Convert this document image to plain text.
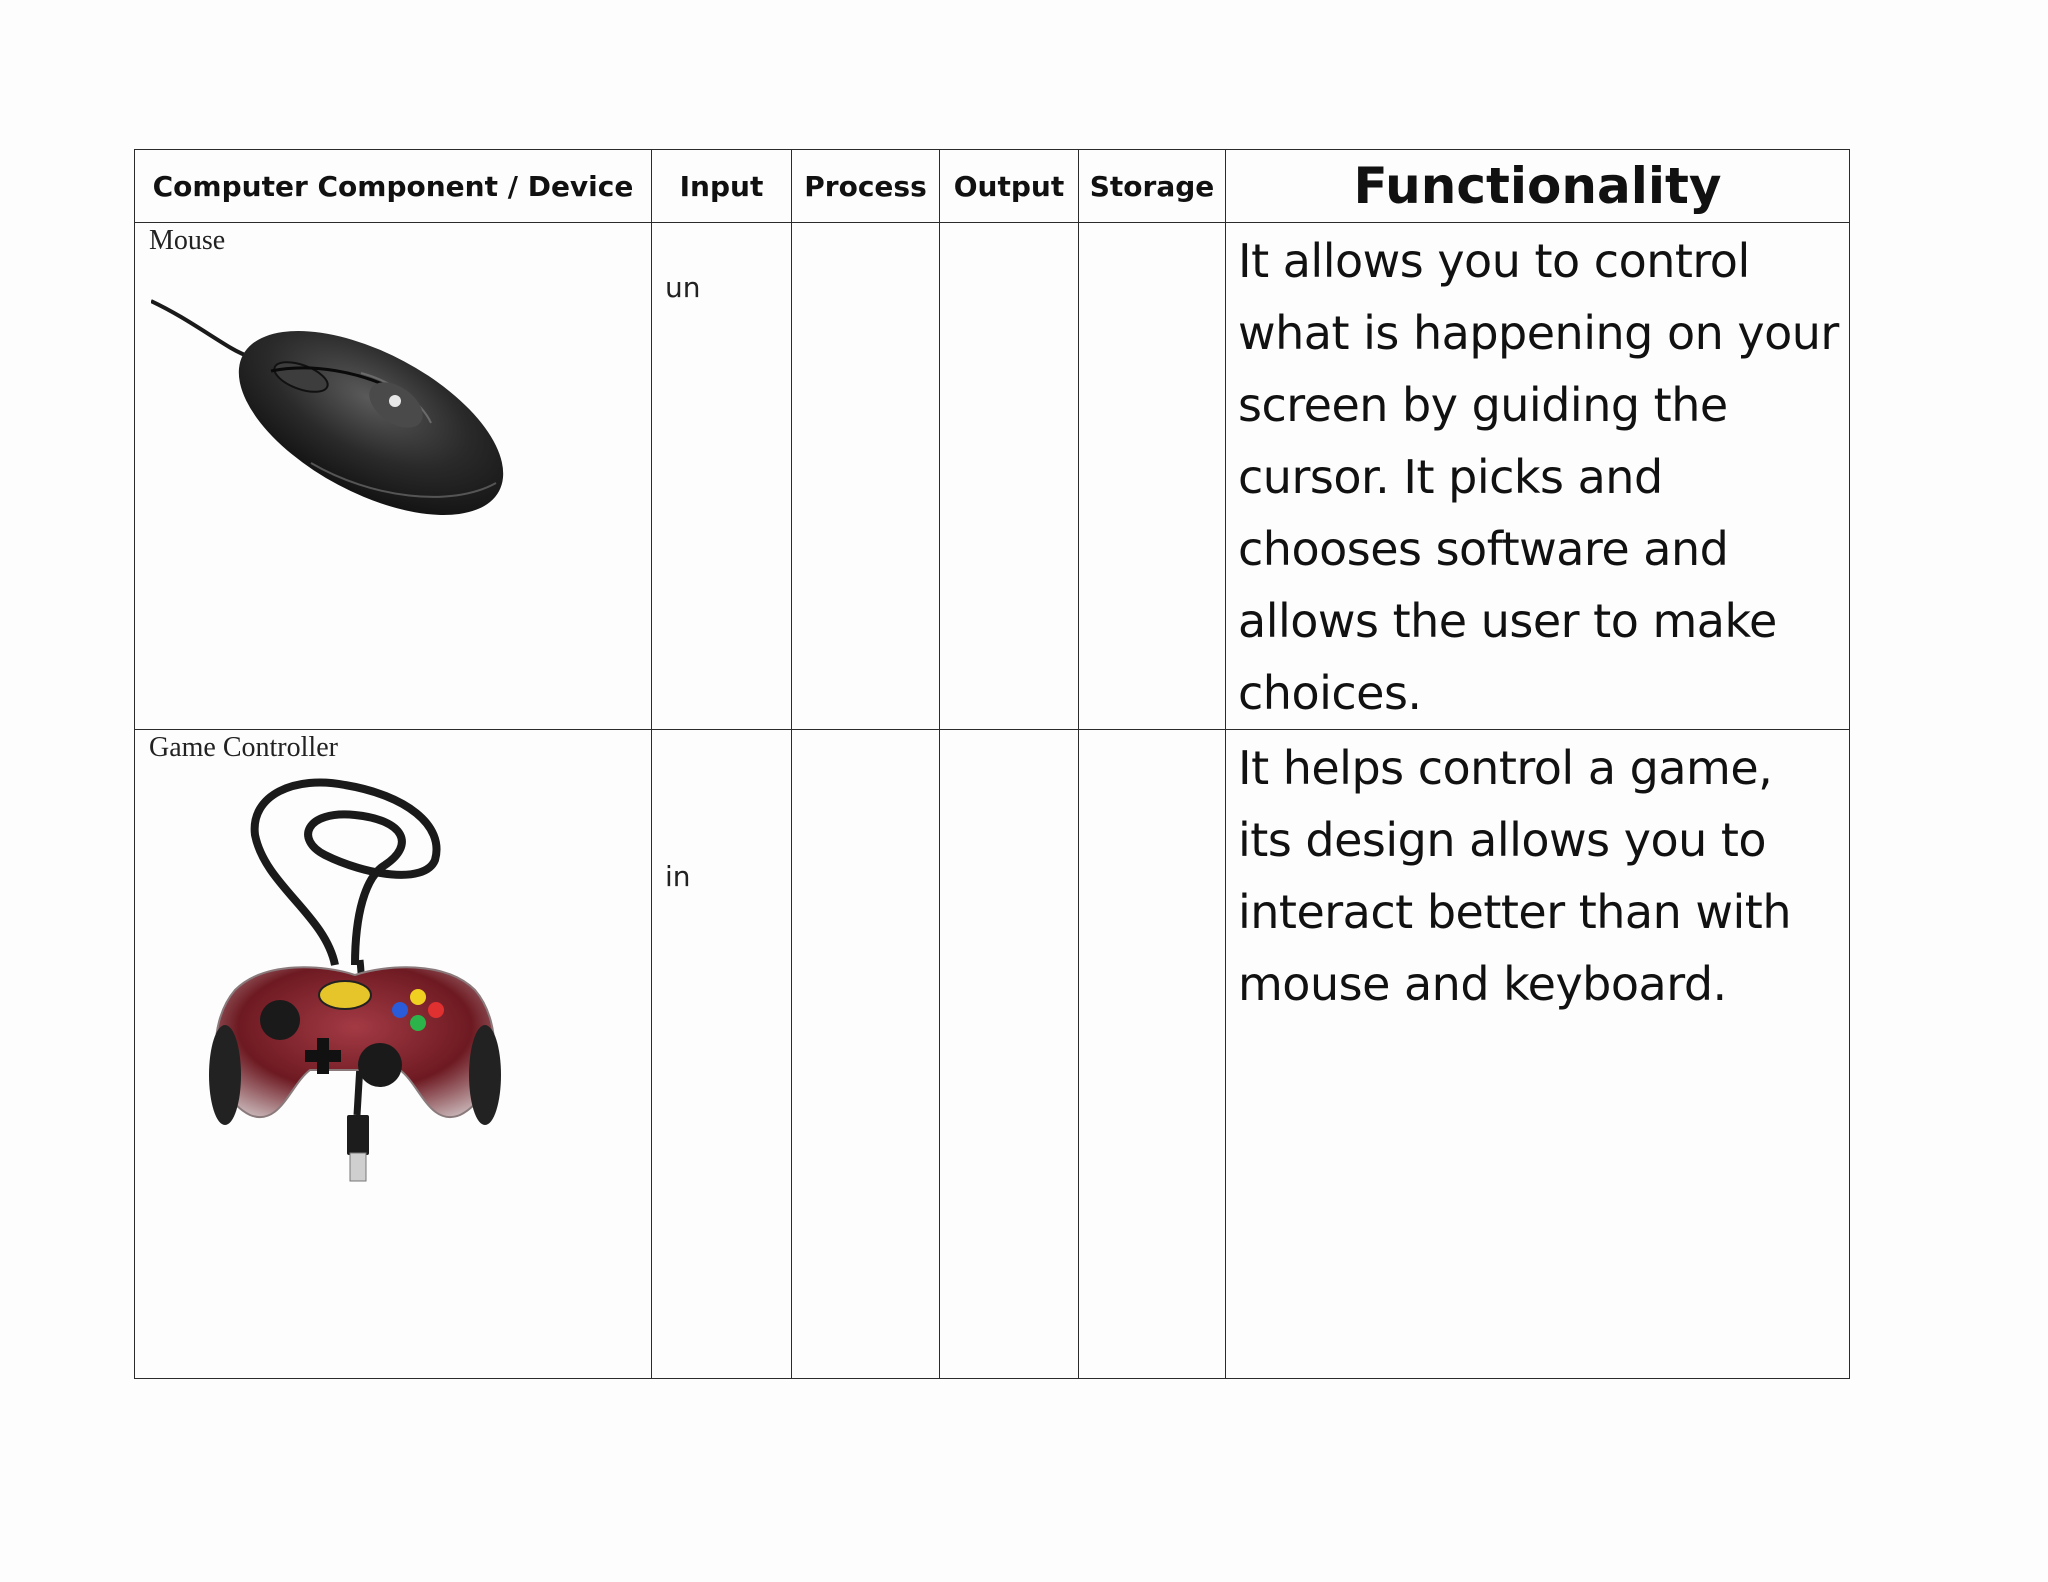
Computer Component / Device	Input	Process	Output	Storage	Functionality

Mouse	un				It allows you to control what is happening on your screen by guiding the cursor. It picks and chooses software and allows the user to make choices.

Game Controller	in				It helps control a game, its design allows you to interact better than with mouse and keyboard.
